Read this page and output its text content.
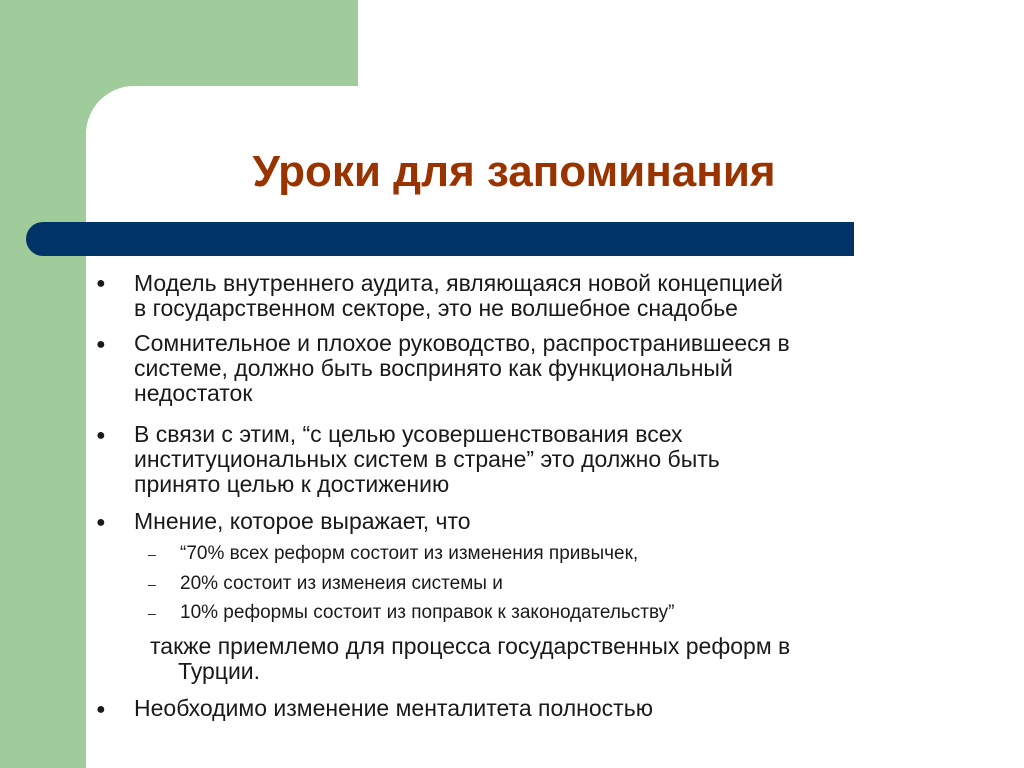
Уроки для запоминания
● Модель внутреннего аудита, являющаяся новой концепцией
в государственном секторе, это не волшебное снадобье
● Сомнительное и плохое руководство, распространившееся в
системе, должно быть воспринято как функциональный
недостаток
● В связи с этим, “с целью усовершенствования всех
институциональных систем в стране” это должно быть
принято целью к достижению
● Мнение, которое выражает, что
–	“70% всех реформ состоит из изменения привычек,
–	20% состоит из изменеия системы и
–	10% реформы состоит из поправок к законодательству”
также приемлемо для процесса государственных реформ в
Турции.
● Необходимо изменение менталитета полностью
